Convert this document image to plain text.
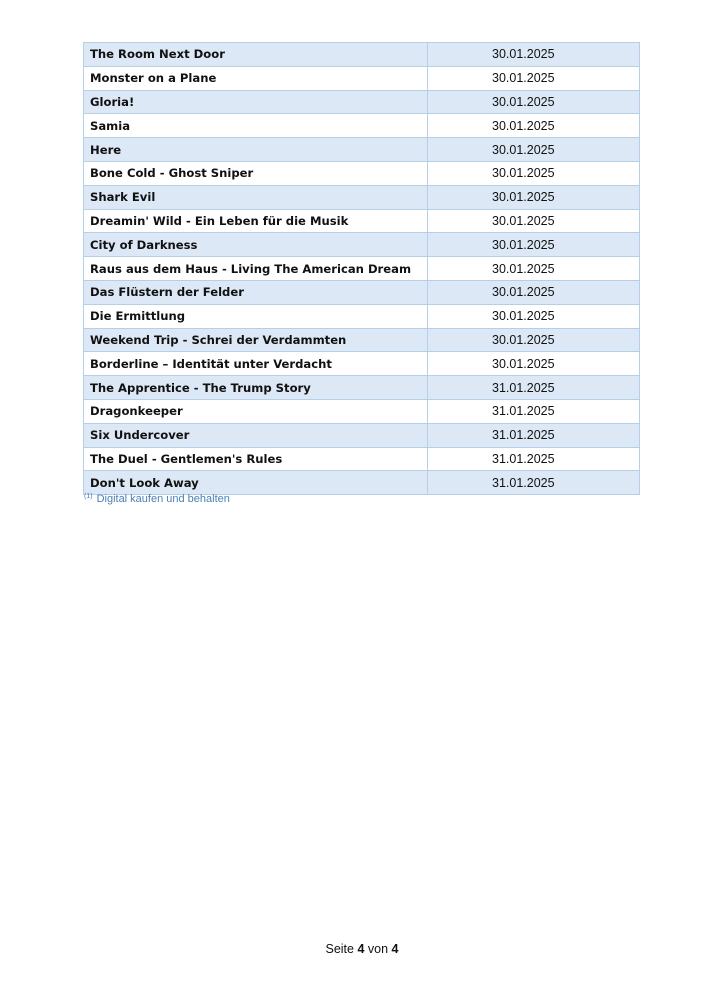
The Room Next Door	30.01.2025
Monster on a Plane	30.01.2025
Gloria!	30.01.2025
Samia	30.01.2025
Here	30.01.2025
Bone Cold - Ghost Sniper	30.01.2025
Shark Evil	30.01.2025
Dreamin' Wild - Ein Leben für die Musik	30.01.2025
City of Darkness	30.01.2025
Raus aus dem Haus - Living The American Dream	30.01.2025
Das Flüstern der Felder	30.01.2025
Die Ermittlung	30.01.2025
Weekend Trip - Schrei der Verdammten	30.01.2025
Borderline – Identität unter Verdacht	30.01.2025
The Apprentice - The Trump Story	31.01.2025
Dragonkeeper	31.01.2025
Six Undercover	31.01.2025
The Duel - Gentlemen's Rules	31.01.2025
Don't Look Away	31.01.2025
$^{(1)}$ Digital kaufen und behalten
Seite 4 von 4
